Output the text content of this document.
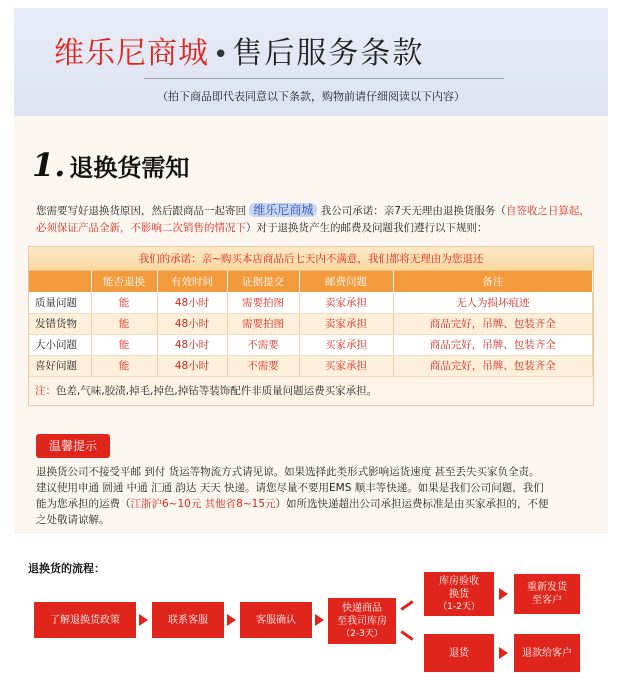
维乐尼商城 • 售后服务条款
（拍下商品即代表同意以下条款，购物前请仔细阅读以下内容）
1. 退换货需知
您需要写好退换货原因，然后跟商品一起寄回 维乐尼商城 我公司承诺：亲7天无理由退换货服务（自签收之日算起，必须保证产品全新，不影响二次销售的情况下）对于退换货产生的邮费及问题我们遵行以下规则：
我们的承诺：亲~购买本店商品后七天内不满意，我们都将无理由为您退还
	能否退换	有效时间	证据提交	邮费问题	备注
质量问题	能	48小时	需要拍图	卖家承担	无人为损坏痕迹
发错货物	能	48小时	需要拍图	卖家承担	商品完好，吊牌、包装齐全
大小问题	能	48小时	不需要	买家承担	商品完好，吊牌、包装齐全
喜好问题	能	48小时	不需要	买家承担	商品完好，吊牌、包装齐全
注：色差,气味,胶渍,掉毛,掉色,掉钻等装饰配件非质量问题运费买家承担。
温馨提示
退换货公司不接受平邮 到付 货运等物流方式请见谅。如果选择此类形式影响运货速度 甚至丢失买家负全责。
建议使用申通 圆通 中通 汇通 韵达 天天 快递。请您尽量不要用EMS 顺丰等快递。如果是我们公司问题，我们
能为您承担的运费（江浙沪6~10元 其他省8~15元）如所选快递超出公司承担运费标准是由买家承担的，不便
之处敬请谅解。
退换货的流程：
了解退换货政策	联系客服	客服确认
快递商品
至我司库房
（2-3天）
库房验收
换货
（1-2天）
重新发货
至客户
退货	退款给客户
